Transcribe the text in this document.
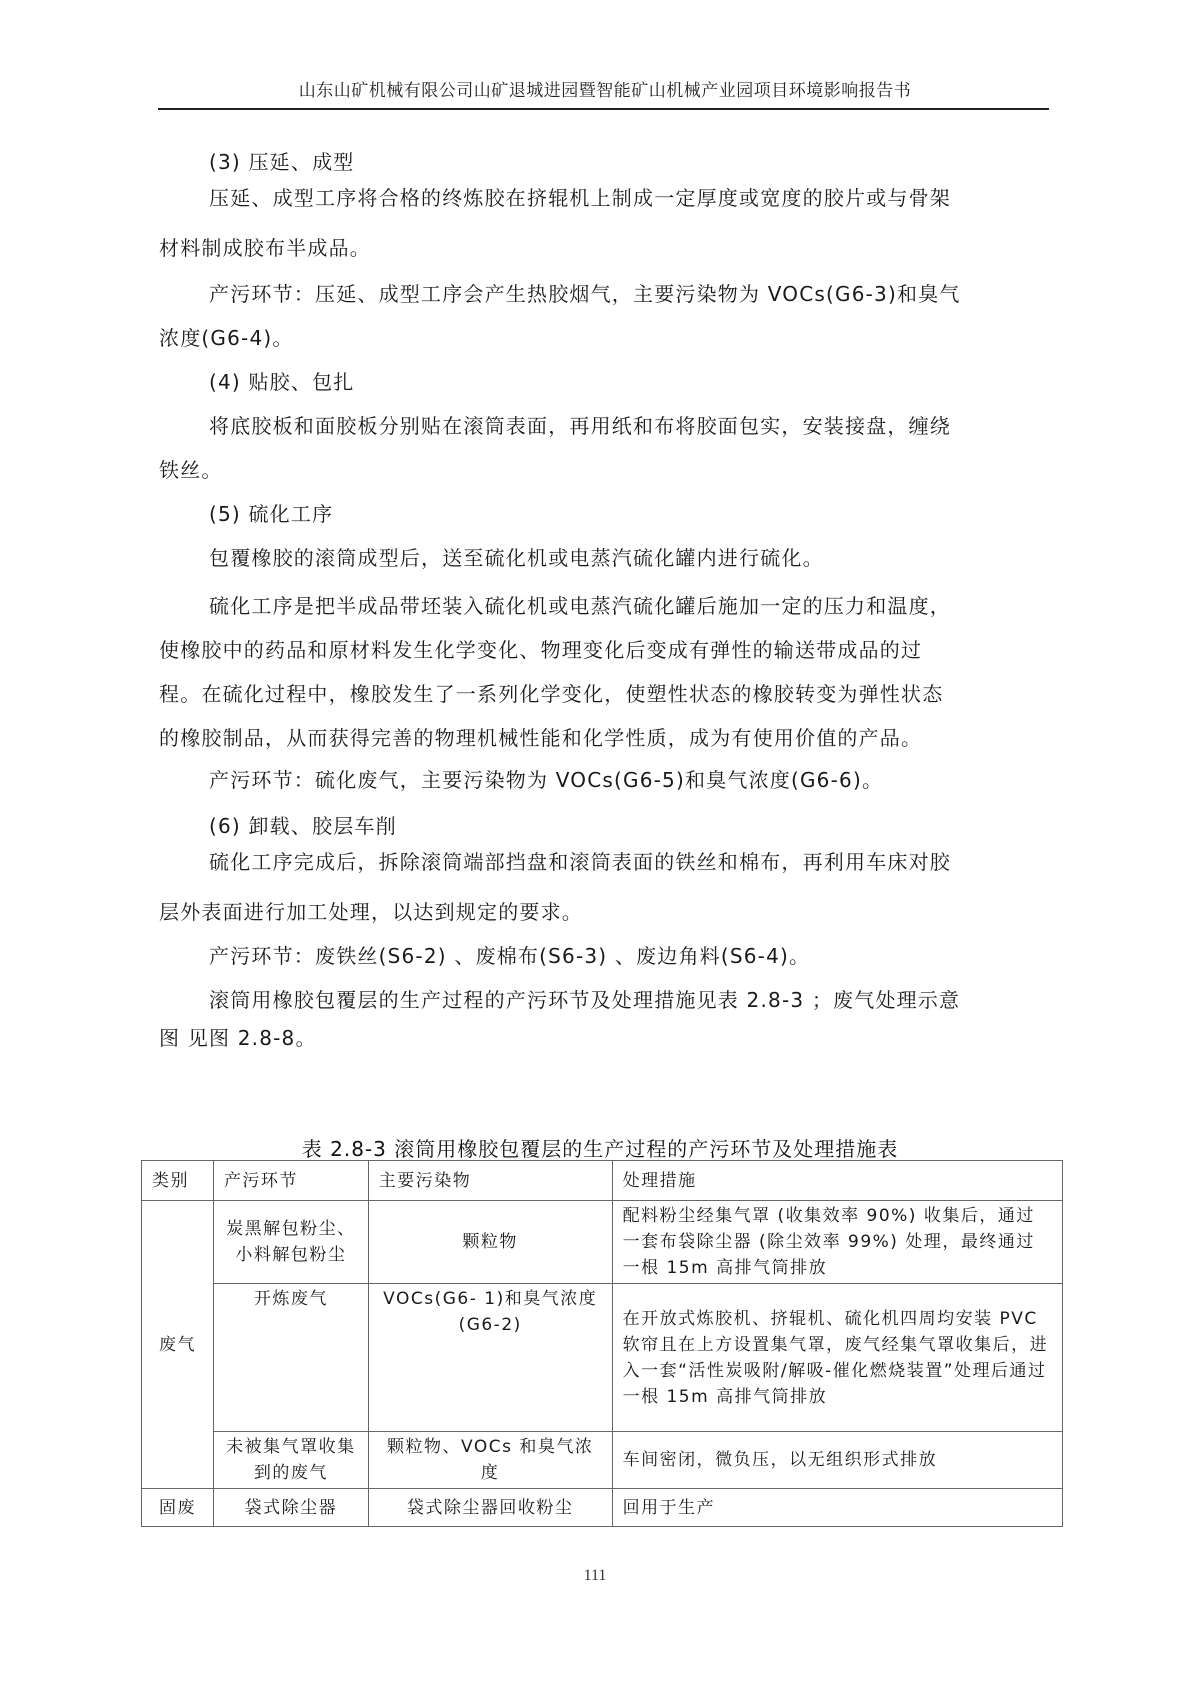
山东山矿机械有限公司山矿退城进园暨智能矿山机械产业园项目环境影响报告书
(3) 压延、成型
压延、成型工序将合格的终炼胶在挤辊机上制成一定厚度或宽度的胶片或与骨架
材料制成胶布半成品。
产污环节：压延、成型工序会产生热胶烟气，主要污染物为 VOCs(G6-3)和臭气
浓度(G6-4)。
(4) 贴胶、包扎
将底胶板和面胶板分别贴在滚筒表面，再用纸和布将胶面包实，安装接盘，缠绕
铁丝。
(5) 硫化工序
包覆橡胶的滚筒成型后，送至硫化机或电蒸汽硫化罐内进行硫化。
硫化工序是把半成品带坯装入硫化机或电蒸汽硫化罐后施加一定的压力和温度，
使橡胶中的药品和原材料发生化学变化、物理变化后变成有弹性的输送带成品的过
程。在硫化过程中，橡胶发生了一系列化学变化，使塑性状态的橡胶转变为弹性状态
的橡胶制品，从而获得完善的物理机械性能和化学性质，成为有使用价值的产品。
产污环节：硫化废气，主要污染物为 VOCs(G6-5)和臭气浓度(G6-6)。
(6) 卸载、胶层车削
硫化工序完成后，拆除滚筒端部挡盘和滚筒表面的铁丝和棉布，再利用车床对胶
层外表面进行加工处理，以达到规定的要求。
产污环节：废铁丝(S6-2) 、废棉布(S6-3) 、废边角料(S6-4)。
滚筒用橡胶包覆层的生产过程的产污环节及处理措施见表 2.8-3 ；废气处理示意
图 见图 2.8-8。
表 2.8-3 滚筒用橡胶包覆层的生产过程的产污环节及处理措施表
类别	产污环节	主要污染物	处理措施
废气	炭黑解包粉尘、小料解包粉尘	颗粒物	配料粉尘经集气罩 (收集效率 90%) 收集后，通过一套布袋除尘器 (除尘效率 99%) 处理，最终通过一根 15m 高排气筒排放
	开炼废气	VOCs(G6- 1)和臭气浓度(G6-2)	在开放式炼胶机、挤辊机、硫化机四周均安装 PVC 软帘且在上方设置集气罩，废气经集气罩收集后，进入一套“活性炭吸附/解吸-催化燃烧装置”处理后通过一根 15m 高排气筒排放
	未被集气罩收集到的废气	颗粒物、VOCs 和臭气浓度	车间密闭，微负压，以无组织形式排放
固废	袋式除尘器	袋式除尘器回收粉尘	回用于生产
111
